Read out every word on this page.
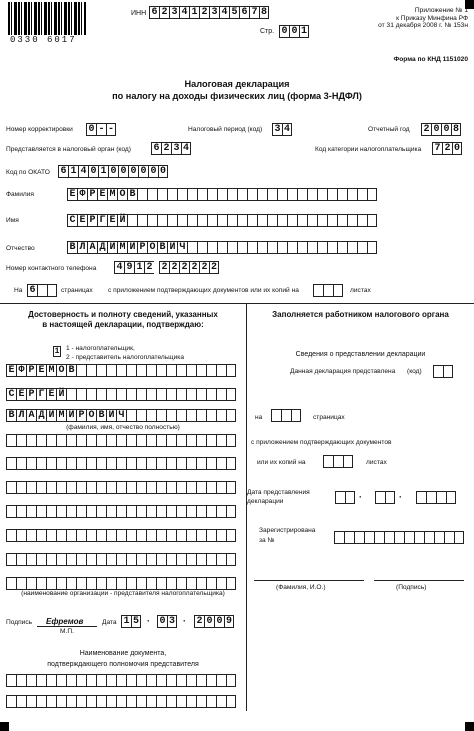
0330 6017
ИНН 6 2 3 4 1 2 3 4 5 6 7 8
Стр. 0 0 1
Приложение № 1
к Приказу Минфина РФ
от 31 декабря 2008 г. № 153н
Форма по КНД 1151020
Налоговая декларация
по налогу на доходы физических лиц (форма 3-НДФЛ)
Номер корректировки 0 - -	Налоговый период (код) 3 4	Отчетный год 2 0 0 8
Представляется в налоговый орган (код) 6 2 3 4	Код категории налогоплательщика 7 2 0
Код по ОКАТО 6 1 4 0 1 0 0 0 0 0 0
Фамилия	Е Ф Р Е М О В
Имя	С Е Р Г Е Й
Отчество	В Л А Д И М И Р О В И Ч
Номер контактного телефона 4 9 1 2 2 2 2 2 2 2
На 6	страницах с приложением подтверждающих документов или их копий на	листах
Достоверность и полноту сведений, указанных
в настоящей декларации, подтверждаю:
1 1 - налогоплательщик,
2 - представитель налогоплательщика
Е Ф Р Е М О В
С Е Р Г Е Й
В Л А Д И М И Р О В И Ч
(фамилия, имя, отчество полностью)
(наименование организации - представителя налогоплательщика)
Подпись Ефремов
М.П.
Дата 1 5 · 0 3 · 2 0 0 9
Наименование документа,
подтверждающего полномочия представителя
Заполняется работником налогового органа
Сведения о представлении декларации
Данная декларация представлена (код)
на	страницах
с приложением подтверждающих документов
или их копий на	листах
Дата представления
декларации	·	·
Зарегистрирована
за №
(Фамилия, И.О.)	(Подпись)
